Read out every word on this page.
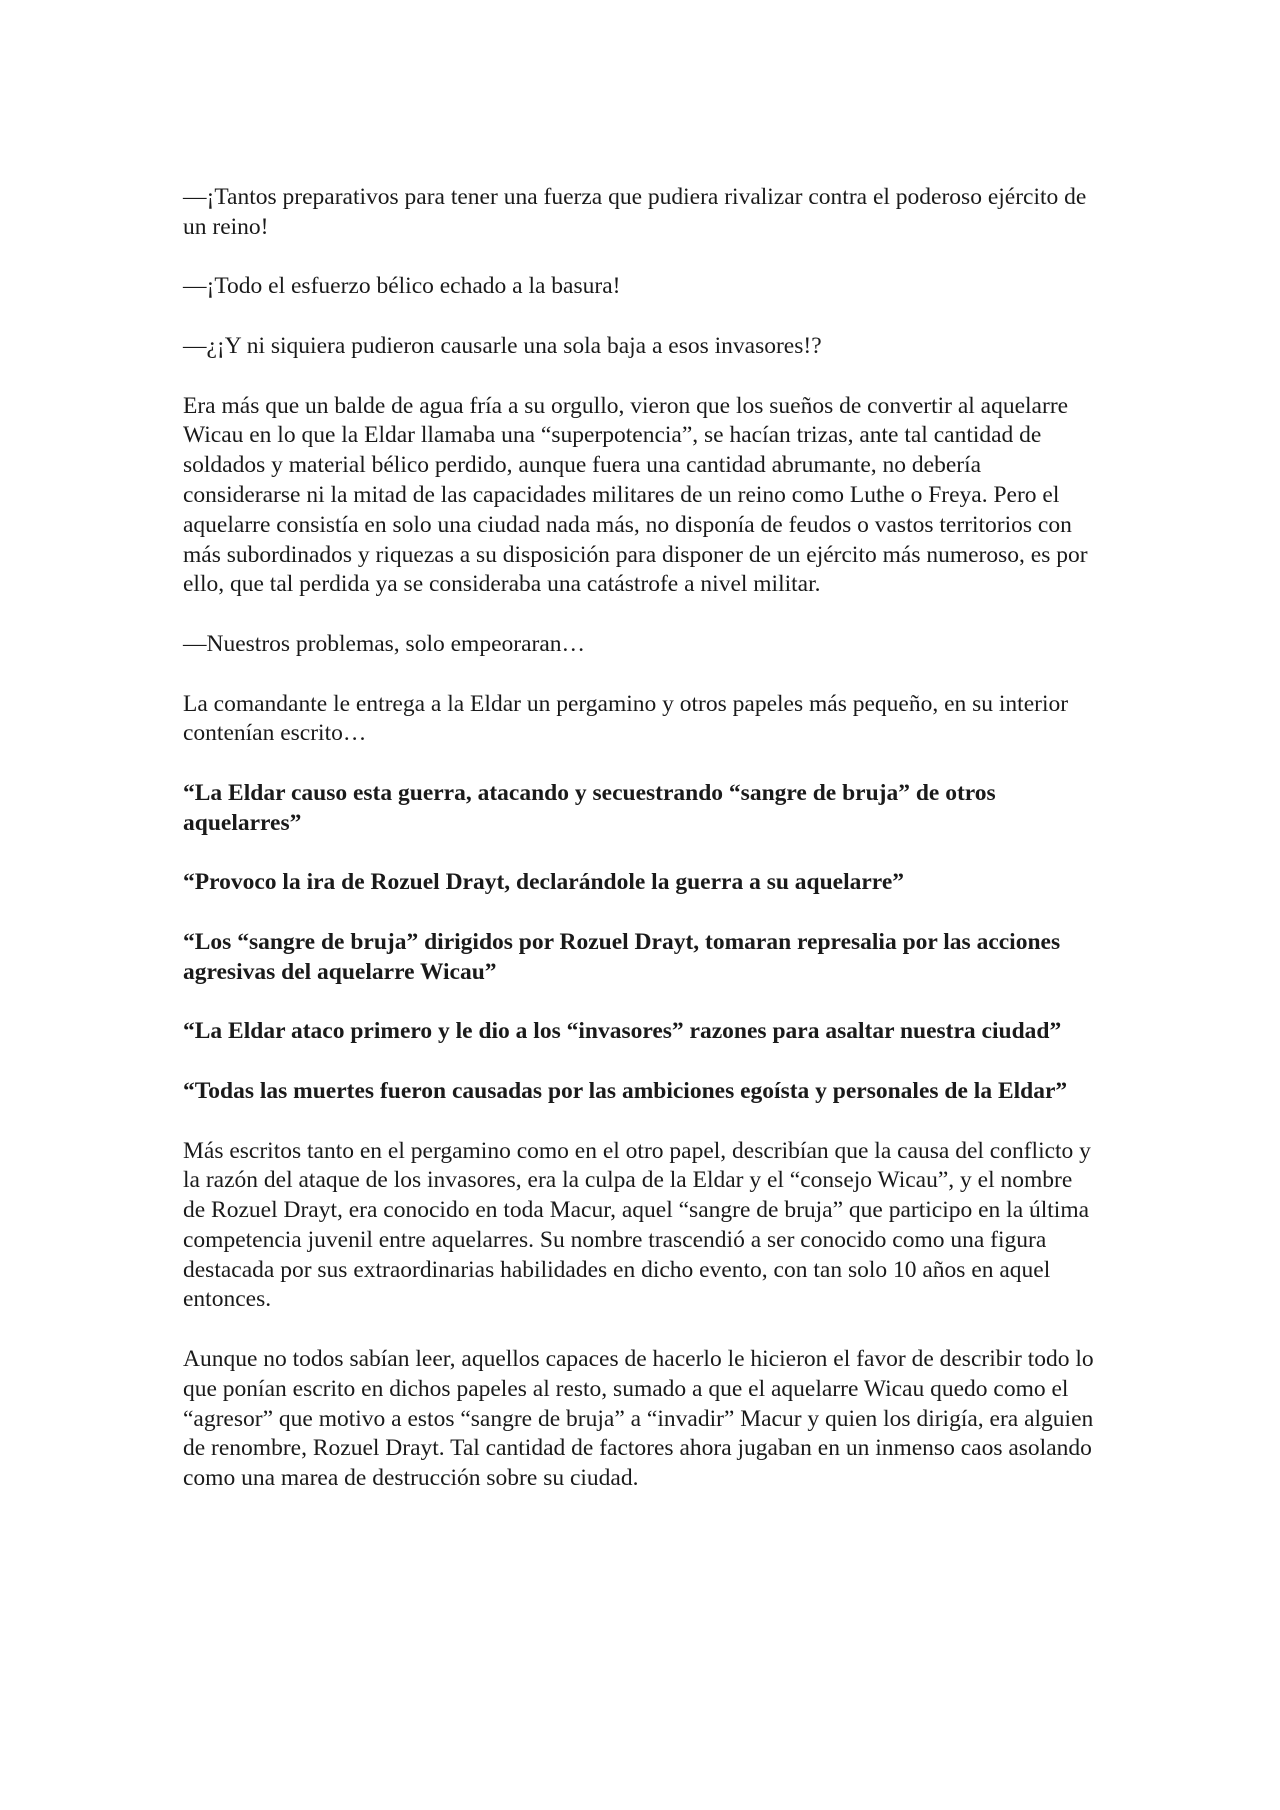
—¡Tantos preparativos para tener una fuerza que pudiera rivalizar contra el poderoso ejército de un reino!

—¡Todo el esfuerzo bélico echado a la basura!

—¿¡Y ni siquiera pudieron causarle una sola baja a esos invasores!?

Era más que un balde de agua fría a su orgullo, vieron que los sueños de convertir al aquelarre Wicau en lo que la Eldar llamaba una “superpotencia”, se hacían trizas, ante tal cantidad de soldados y material bélico perdido, aunque fuera una cantidad abrumante, no debería considerarse ni la mitad de las capacidades militares de un reino como Luthe o Freya. Pero el aquelarre consistía en solo una ciudad nada más, no disponía de feudos o vastos territorios con más subordinados y riquezas a su disposición para disponer de un ejército más numeroso, es por ello, que tal perdida ya se consideraba una catástrofe a nivel militar.

—Nuestros problemas, solo empeoraran…

La comandante le entrega a la Eldar un pergamino y otros papeles más pequeño, en su interior contenían escrito…

“La Eldar causo esta guerra, atacando y secuestrando “sangre de bruja” de otros aquelarres”

“Provoco la ira de Rozuel Drayt, declarándole la guerra a su aquelarre”

“Los “sangre de bruja” dirigidos por Rozuel Drayt, tomaran represalia por las acciones agresivas del aquelarre Wicau”

“La Eldar ataco primero y le dio a los “invasores” razones para asaltar nuestra ciudad”

“Todas las muertes fueron causadas por las ambiciones egoísta y personales de la Eldar”

Más escritos tanto en el pergamino como en el otro papel, describían que la causa del conflicto y la razón del ataque de los invasores, era la culpa de la Eldar y el “consejo Wicau”, y el nombre de Rozuel Drayt, era conocido en toda Macur, aquel “sangre de bruja” que participo en la última competencia juvenil entre aquelarres. Su nombre trascendió a ser conocido como una figura destacada por sus extraordinarias habilidades en dicho evento, con tan solo 10 años en aquel entonces.

Aunque no todos sabían leer, aquellos capaces de hacerlo le hicieron el favor de describir todo lo que ponían escrito en dichos papeles al resto, sumado a que el aquelarre Wicau quedo como el “agresor” que motivo a estos “sangre de bruja” a “invadir” Macur y quien los dirigía, era alguien de renombre, Rozuel Drayt. Tal cantidad de factores ahora jugaban en un inmenso caos asolando como una marea de destrucción sobre su ciudad.
